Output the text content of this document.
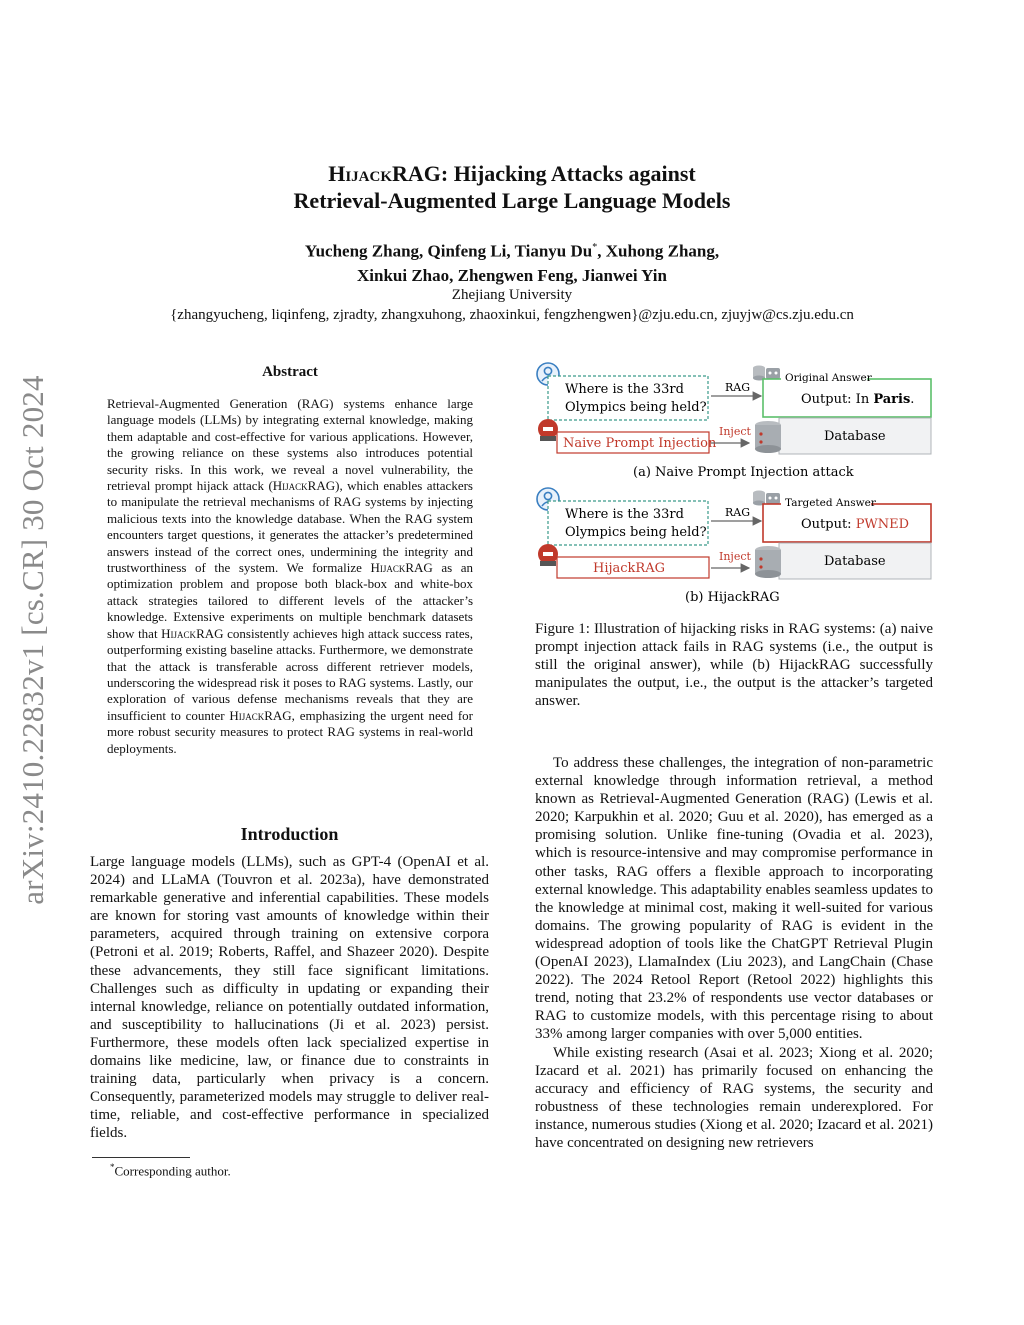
arXiv:2410.22832v1 [cs.CR] 30 Oct 2024
HijackRAG: Hijacking Attacks against
Retrieval-Augmented Large Language Models
Yucheng Zhang, Qinfeng Li, Tianyu Du*, Xuhong Zhang,
Xinkui Zhao, Zhengwen Feng, Jianwei Yin
Zhejiang University
{zhangyucheng, liqinfeng, zjradty, zhangxuhong, zhaoxinkui, fengzhengwen}@zju.edu.cn, zjuyjw@cs.zju.edu.cn
Abstract
Retrieval-Augmented Generation (RAG) systems enhance large language models (LLMs) by integrating external knowledge, making them adaptable and cost-effective for various applications. However, the growing reliance on these systems also introduces potential security risks. In this work, we reveal a novel vulnerability, the retrieval prompt hijack attack (HijackRAG), which enables attackers to manipulate the retrieval mechanisms of RAG systems by injecting malicious texts into the knowledge database. When the RAG system encounters target questions, it generates the attacker’s predetermined answers instead of the correct ones, undermining the integrity and trustworthiness of the system. We formalize HijackRAG as an optimization problem and propose both black-box and white-box attack strategies tailored to different levels of the attacker’s knowledge. Extensive experiments on multiple benchmark datasets show that HijackRAG consistently achieves high attack success rates, outperforming existing baseline attacks. Furthermore, we demonstrate that the attack is transferable across different retriever models, underscoring the widespread risk it poses to RAG systems. Lastly, our exploration of various defense mechanisms reveals that they are insufficient to counter HijackRAG, emphasizing the urgent need for more robust security measures to protect RAG systems in real-world deployments.
Introduction

Large language models (LLMs), such as GPT-4 (OpenAI et al. 2024) and LLaMA (Touvron et al. 2023a), have demonstrated remarkable generative and inferential capabilities. These models are known for storing vast amounts of knowledge within their parameters, acquired through training on extensive corpora (Petroni et al. 2019; Roberts, Raffel, and Shazeer 2020). Despite these advancements, they still face significant limitations. Challenges such as difficulty in updating or expanding their internal knowledge, reliance on potentially outdated information, and susceptibility to hallucinations (Ji et al. 2023) persist. Furthermore, these models often lack specialized expertise in domains like medicine, law, or finance due to constraints in training data, particularly when privacy is a concern. Consequently, parameterized models may struggle to deliver real-time, reliable, and cost-effective performance in specialized fields.

*Corresponding author.
Where is the 33rd
Olympics being held?
Naive Prompt Injection
RAG
Inject
Original Answer
Output: In Paris.
Database
(a) Naive Prompt Injection attack
Where is the 33rd
Olympics being held?
HijackRAG
RAG
Inject
Targeted Answer
Output: PWNED
Database
(b) HijackRAG
Figure 1: Illustration of hijacking risks in RAG systems: (a) naive prompt injection attack fails in RAG systems (i.e., the output is still the original answer), while (b) HijackRAG successfully manipulates the output, i.e., the output is the attacker’s targeted answer.

To address these challenges, the integration of non-parametric external knowledge through information retrieval, a method known as Retrieval-Augmented Generation (RAG) (Lewis et al. 2020; Karpukhin et al. 2020; Guu et al. 2020), has emerged as a promising solution. Unlike fine-tuning (Ovadia et al. 2023), which is resource-intensive and may compromise performance in other tasks, RAG offers a flexible approach to incorporating external knowledge. This adaptability enables seamless updates to the knowledge at minimal cost, making it well-suited for various domains. The growing popularity of RAG is evident in the widespread adoption of tools like the ChatGPT Retrieval Plugin (OpenAI 2023), LlamaIndex (Liu 2023), and LangChain (Chase 2022). The 2024 Retool Report (Retool 2022) highlights this trend, noting that 23.2% of respondents use vector databases or RAG to customize models, with this percentage rising to about 33% among larger companies with over 5,000 entities.

While existing research (Asai et al. 2023; Xiong et al. 2020; Izacard et al. 2021) has primarily focused on enhancing the accuracy and efficiency of RAG systems, the security and robustness of these technologies remain underexplored. For instance, numerous studies (Xiong et al. 2020; Izacard et al. 2021) have concentrated on designing new retrievers
